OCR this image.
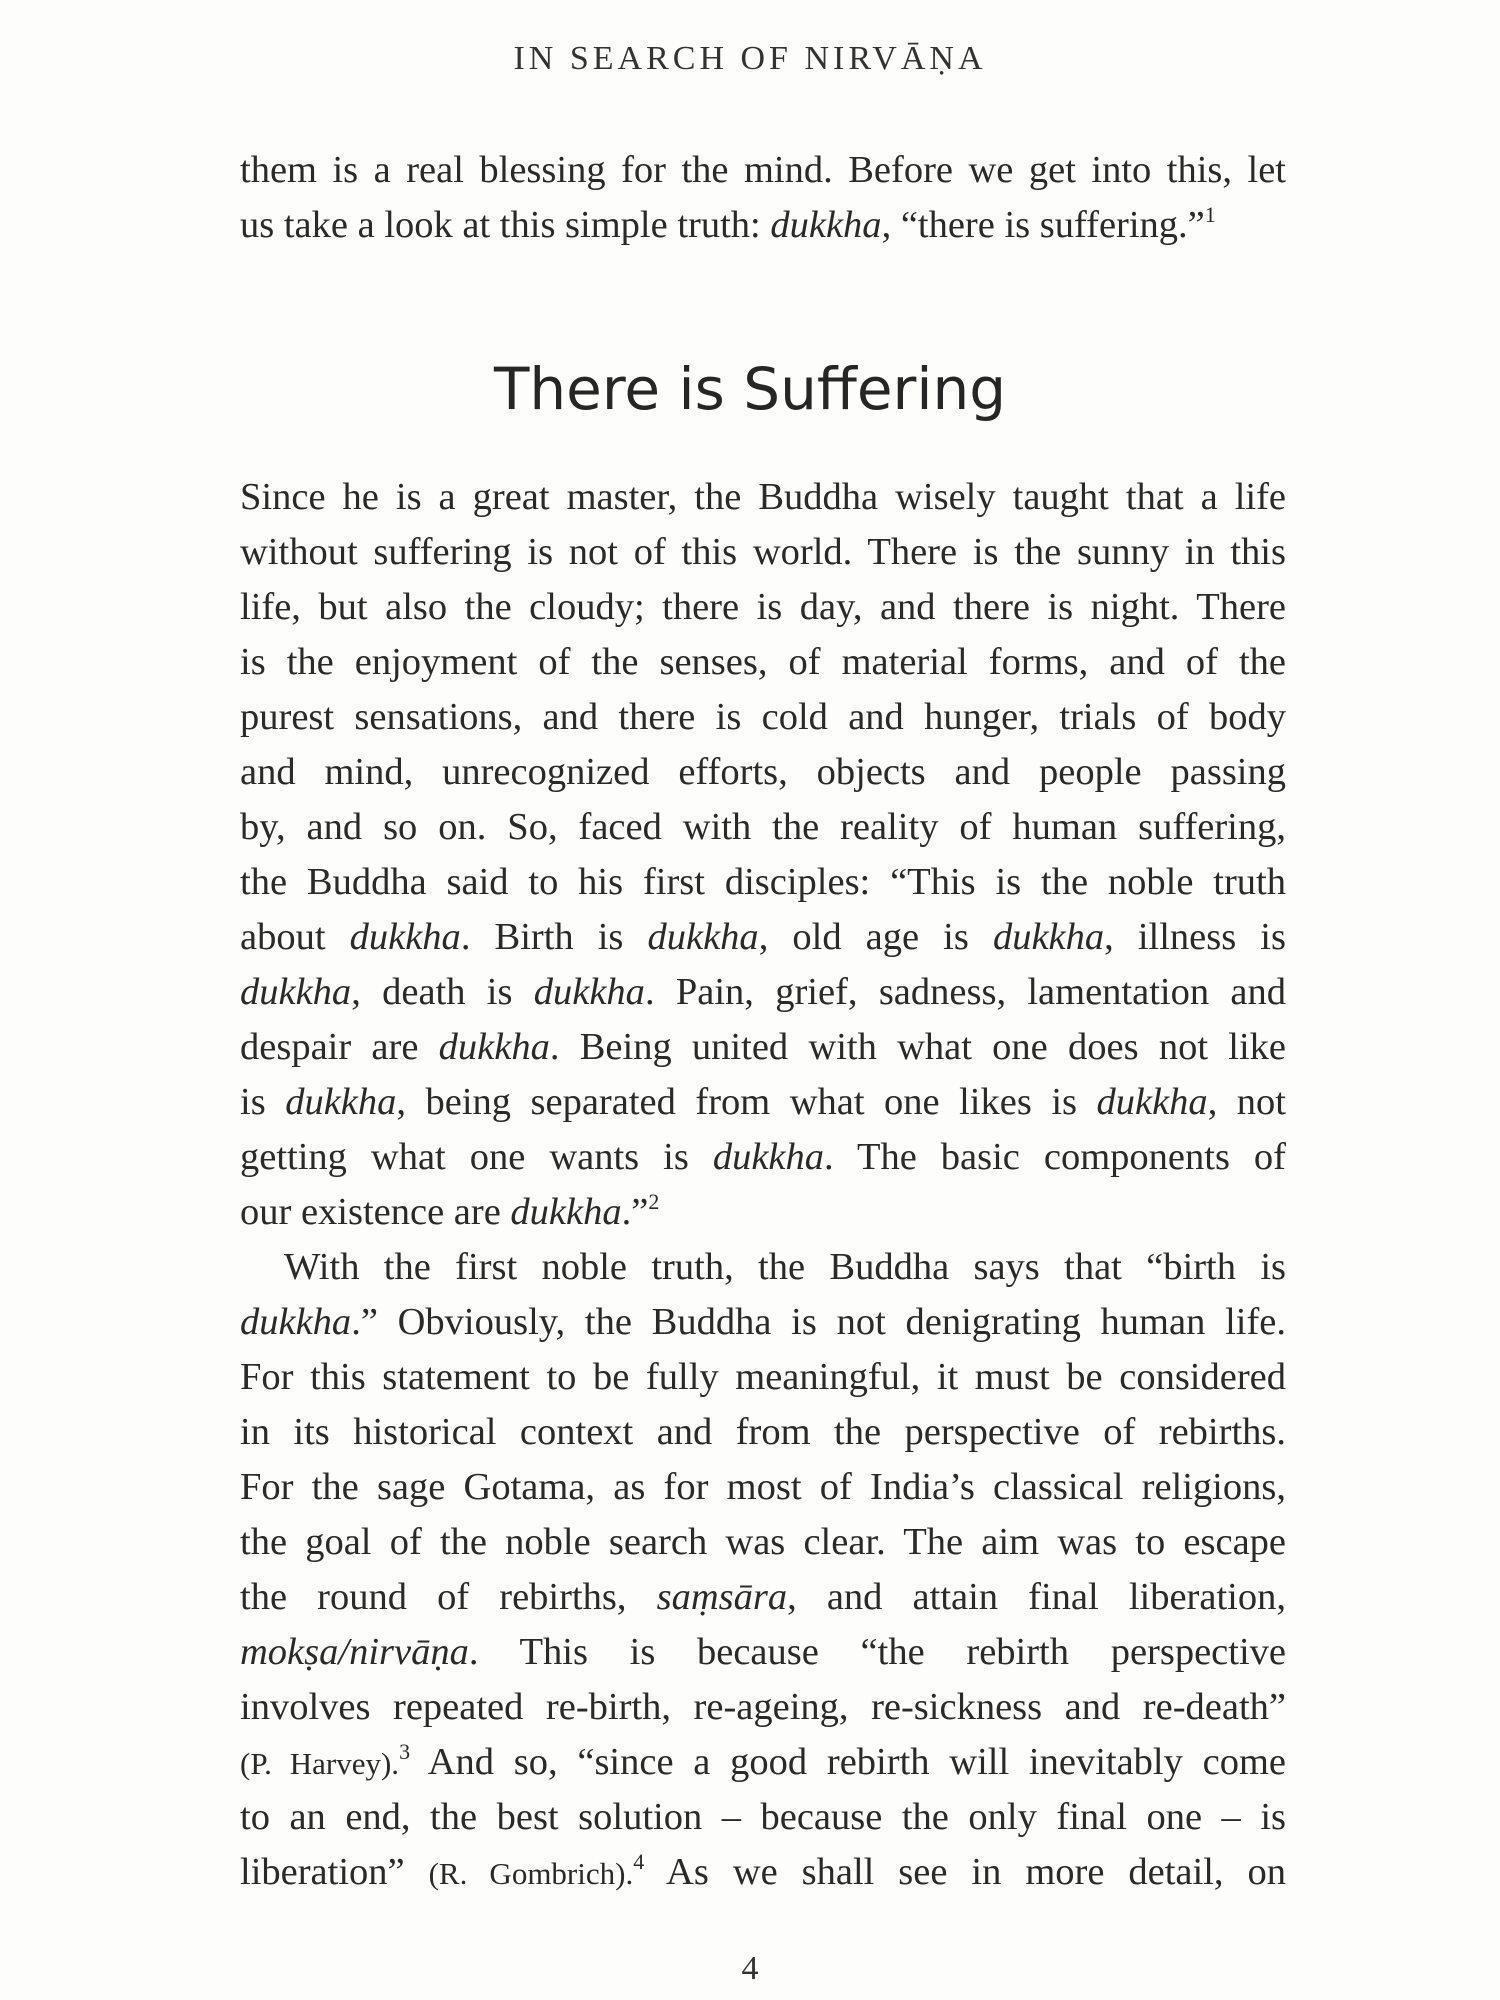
IN SEARCH OF NIRVĀṆA
them is a real blessing for the mind. Before we get into this, let
us take a look at this simple truth: dukkha, “there is suffering.”$^1$
There is Suffering
Since he is a great master, the Buddha wisely taught that a life
without suffering is not of this world. There is the sunny in this
life, but also the cloudy; there is day, and there is night. There
is the enjoyment of the senses, of material forms, and of the
purest sensations, and there is cold and hunger, trials of body
and mind, unrecognized efforts, objects and people passing
by, and so on. So, faced with the reality of human suffering,
the Buddha said to his first disciples: “This is the noble truth
about dukkha. Birth is dukkha, old age is dukkha, illness is
dukkha, death is dukkha. Pain, grief, sadness, lamentation and
despair are dukkha. Being united with what one does not like
is dukkha, being separated from what one likes is dukkha, not
getting what one wants is dukkha. The basic components of
our existence are dukkha.”$^2$
With the first noble truth, the Buddha says that “birth is
dukkha.” Obviously, the Buddha is not denigrating human life.
For this statement to be fully meaningful, it must be considered
in its historical context and from the perspective of rebirths.
For the sage Gotama, as for most of India’s classical religions,
the goal of the noble search was clear. The aim was to escape
the round of rebirths, saṃsāra, and attain final liberation,
mokṣa/nirvāṇa. This is because “the rebirth perspective
involves repeated re-birth, re-ageing, re-sickness and re-death”
(P. Harvey).$^3$ And so, “since a good rebirth will inevitably come
to an end, the best solution – because the only final one – is
liberation” (R. Gombrich).$^4$ As we shall see in more detail, on
4
